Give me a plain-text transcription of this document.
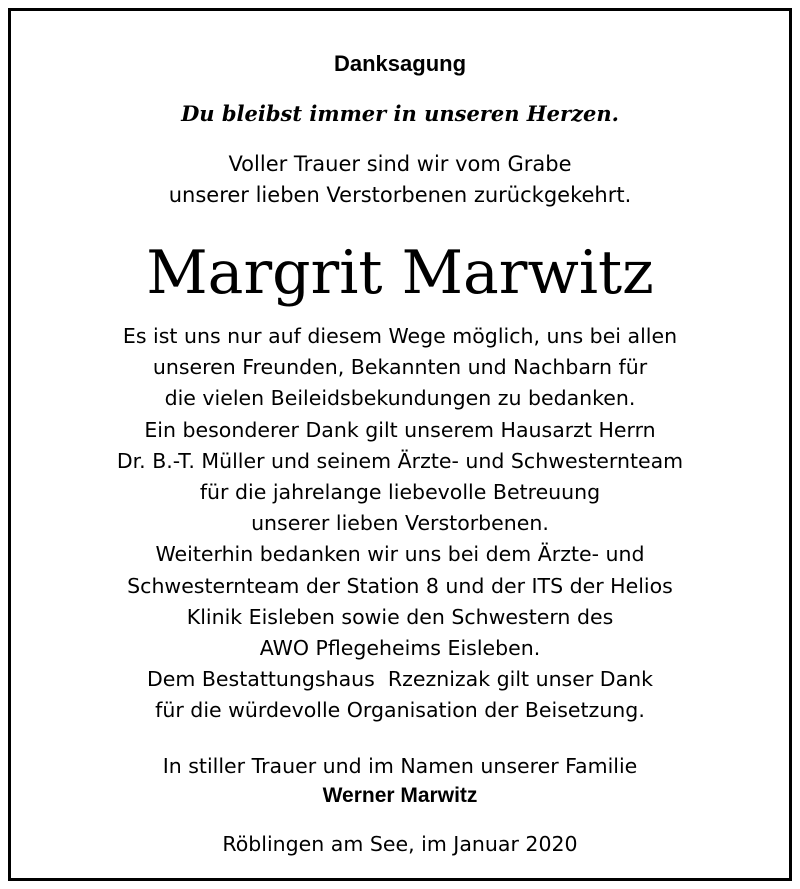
Danksagung
Du bleibst immer in unseren Herzen.
Voller Trauer sind wir vom Grabe
unserer lieben Verstorbenen zurückgekehrt.
Margrit Marwitz
Es ist uns nur auf diesem Wege möglich, uns bei allen
unseren Freunden, Bekannten und Nachbarn für
die vielen Beileidsbekundungen zu bedanken.
Ein besonderer Dank gilt unserem Hausarzt Herrn
Dr. B.-T. Müller und seinem Ärzte- und Schwesternteam
für die jahrelange liebevolle Betreuung
unserer lieben Verstorbenen.
Weiterhin bedanken wir uns bei dem Ärzte- und
Schwesternteam der Station 8 und der ITS der Helios
Klinik Eisleben sowie den Schwestern des
AWO Pflegeheims Eisleben.
Dem Bestattungshaus  Rzeznizak gilt unser Dank
für die würdevolle Organisation der Beisetzung.
In stiller Trauer und im Namen unserer Familie
Werner Marwitz
Röblingen am See, im Januar 2020
